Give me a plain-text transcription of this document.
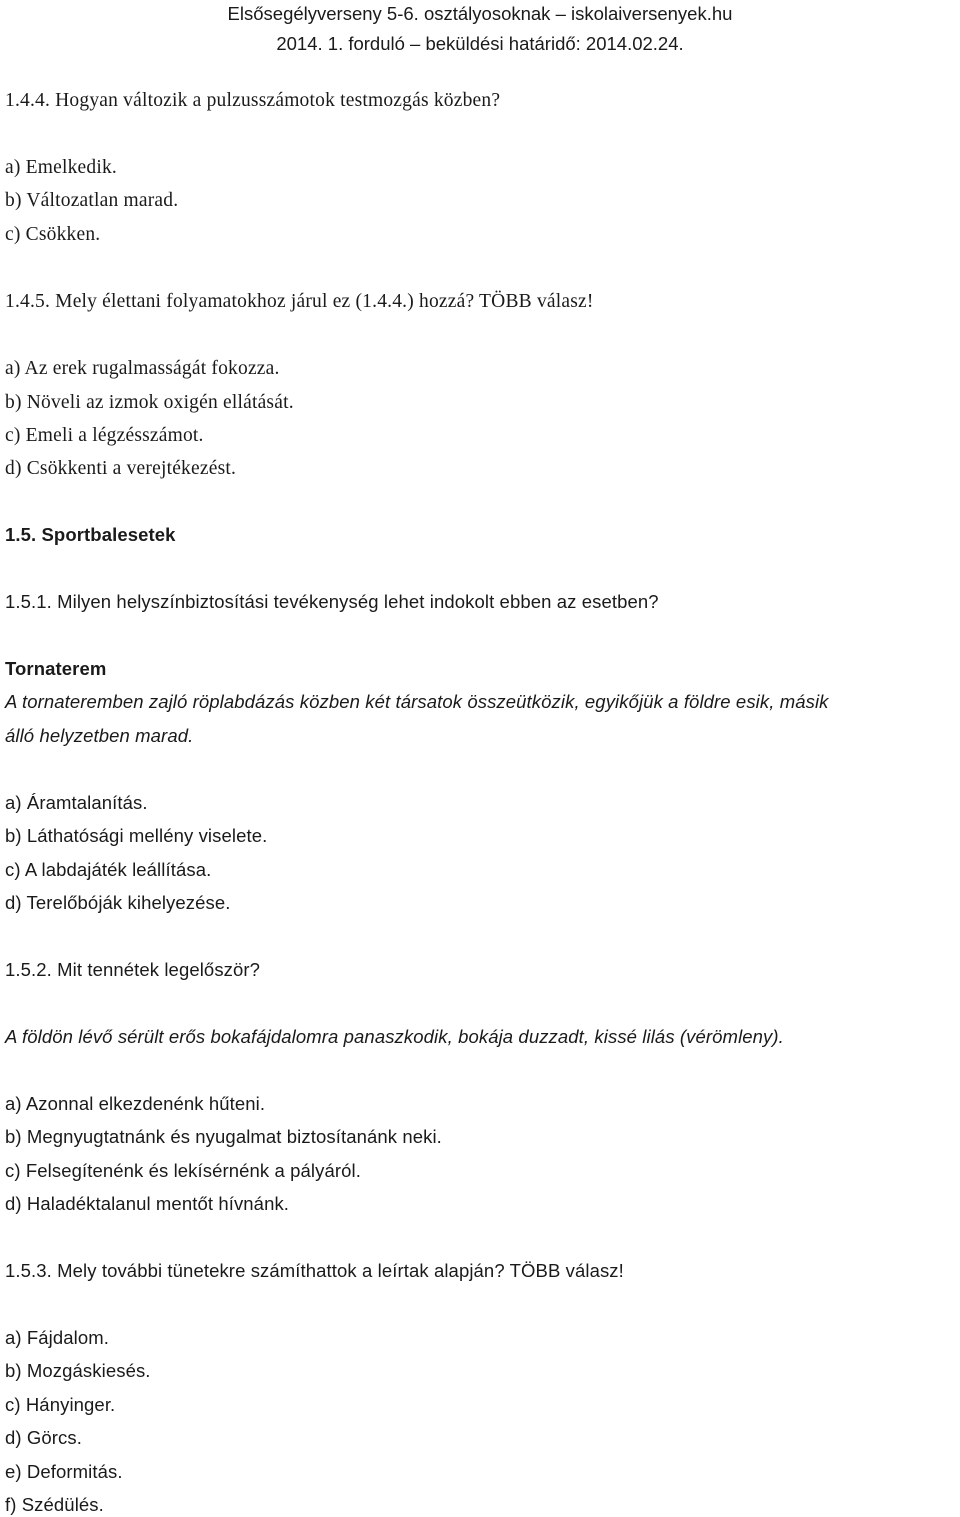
Elsősegélyverseny 5-6. osztályosoknak – iskolaiversenyek.hu
2014. 1. forduló – beküldési határidő: 2014.02.24.
1.4.4. Hogyan változik a pulzusszámotok testmozgás közben?
a) Emelkedik.
b) Változatlan marad.
c) Csökken.
1.4.5. Mely élettani folyamatokhoz járul ez (1.4.4.) hozzá? TÖBB válasz!
a) Az erek rugalmasságát fokozza.
b) Növeli az izmok oxigén ellátását.
c) Emeli a légzésszámot.
d) Csökkenti a verejtékezést.
1.5. Sportbalesetek
1.5.1. Milyen helyszínbiztosítási tevékenység lehet indokolt ebben az esetben?
Tornaterem
A tornateremben zajló röplabdázás közben két társatok összeütközik, egyikőjük a földre esik, másik
álló helyzetben marad.
a) Áramtalanítás.
b) Láthatósági mellény viselete.
c) A labdajáték leállítása.
d) Terelőbóják kihelyezése.
1.5.2. Mit tennétek legelőször?
A földön lévő sérült erős bokafájdalomra panaszkodik, bokája duzzadt, kissé lilás (vérömleny).
a) Azonnal elkezdenénk hűteni.
b) Megnyugtatnánk és nyugalmat biztosítanánk neki.
c) Felsegítenénk és lekísérnénk a pályáról.
d) Haladéktalanul mentőt hívnánk.
1.5.3. Mely további tünetekre számíthattok a leírtak alapján? TÖBB válasz!
a) Fájdalom.
b) Mozgáskiesés.
c) Hányinger.
d) Görcs.
e) Deformitás.
f) Szédülés.
